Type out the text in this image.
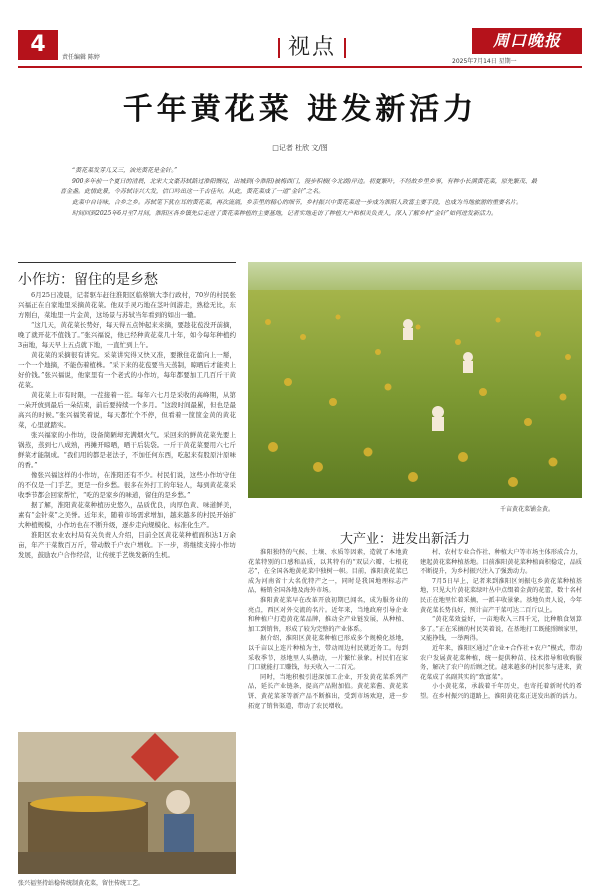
4
责任编辑 陈婷	视点	周口晚报
2025年7月14日 星期一
千年黄花菜 进发新活力
□记者 杜欣 文/图

“黄花菜发芽儿又三，油光黄花是金针。”

900多年前一个夏日的清晨，北宋大文豪苏轼路过淮阳慨叹，出城到(今淮阳)被梅西门，漫步积极(今北湖)岸边。初夏繁叶，不经故乡里乡事，有种小长满黄花菜，原先繁茂、最喜金盏。此情此景，令苏轼诗兴大发，信口吟出这一千古佳句。从此，黄花菜成了一道“金针”之名。

此菜中自诗味，合乡之乡。苏轼笔下犹在耳的黄花菜，再次流淌，乡亲里的精心的细节，乡村振兴中黄花菜进一步成为淮阳人致富主要手段，也成为当地旅游的重要名片。

时间回到2025年6月至7月间，淮阳区各乡镇先后走进了黄花菜种植的主要基地，记者实地走访了种植大户和相关负责人，深入了解乡村“金针”如何迸发新活力。

小作坊：留住的是乡愁

6月25日凌晨，记者驱车赶往淮阳区临蔡镇大李行政村，70岁的村民张兴福正在自家地里采摘黄花菜。他双手灵巧地在茎叶间游走，熟稔无比，东方刚白，菜地里一片金黄，这场景与苏轼当年看到的如出一辙。

“这几天，黄花菜长势好，每天得五点钟起来来摘，要趁花苞没开前摘，晚了就开花不值钱了。”张兴福说，他已经种黄花菜几十年，如今每年种植约3亩地，每天早上五点就下地，一直忙到上午。

黄花菜的采摘很有讲究。采菜讲究得又快又准，要揪住花蕾向上一掰，一个一个地摘，不能伤着植株。“采下来的花苞要当天蒸制，晾晒后才能卖上好价钱。”张兴福说，他家里有一个老式的小作坊，每年都要加工几百斤干黄花菜。

黄花菜上市有时限，一茬接着一茬。每年六七月是采收的高峰期，从第一朵开放到最后一朵结束，前后要持续一个多月。“这段时间最累，但也是最高兴的时候。”张兴福笑着说，每天都忙个不停，但看着一筐筐金黄的黄花菜，心里就踏实。

张兴福家的小作坊，设备简陋却充满烟火气。采回来的鲜黄花菜先要上锅蒸，蒸到七八成熟，再摊开晾晒，晒干后装袋。一斤干黄花菜要用六七斤鲜菜才能制成。“我们用的都是老法子，不加任何东西，吃起来有股原汁原味的香。”

像张兴福这样的小作坊，在淮阳还有不少。村民们说，这些小作坊守住的不仅是一门手艺，更是一份乡愁。很多在外打工的年轻人，每到黄花菜采收季节都会回家帮忙，“吃的是家乡的味道，留住的是乡愁。”

据了解，淮阳黄花菜种植历史悠久，品质优良，肉厚色黄、味道鲜美，素有“金针菜”之美誉。近年来，随着市场需求增加，越来越多的村民开始扩大种植规模，小作坊也在不断升级，逐步走向规模化、标准化生产。

淮阳区农业农村局有关负责人介绍，目前全区黄花菜种植面积达1万余亩，年产干菜数百万斤，带动数千户农户增收。下一步，将继续支持小作坊发展，鼓励农户合作经营，让传统手艺焕发新的生机。

千亩黄花菜铺金黄。
大产业：进发出新活力

淮阳独特的气候、土壤、水质等因素，造就了本地黄花菜特别的口感和品质，以其特有的“双层六瓣、七根花芯”，在全国各地黄花菜中独树一帜。目前，淮阳黄花菜已成为河南省十大名优特产之一，同时是我国地理标志产品，畅销全国各地及海外市场。

淮阳黄花菜早在改革开放初期已闻名，成为服务业的亮点，西区对外交流的名片。近年来，当地政府引导企业和种植户打造黄花菜品牌，推动全产业链发展，从种植、加工到销售，形成了较为完整的产业体系。

据介绍，淮阳区黄花菜种植已形成多个规模化基地，以千亩以上连片种植为主，带动周边村民就近务工。每到采收季节，基地里人头攒动，一片繁忙景象。村民们在家门口就能打工赚钱，每天收入一二百元。

同时，当地积极引进深加工企业，开发黄花菜系列产品，延长产业链条，提高产品附加值。黄花菜酱、黄花菜饼、黄花菜茶等新产品不断推出，受到市场欢迎，进一步拓宽了销售渠道，带动了农民增收。

村、农村专业合作社、种植大户等市场主体形成合力，建起黄花菜种植基地。目前淮阳黄花菜种植面积稳定，品质不断提升，为乡村振兴注入了强劲动力。

7月5日早上，记者来到淮阳区刘振屯乡黄花菜种植基地，只见大片黄花菜绿叶丛中点缀着金黄的花蕾，数十名村民正在地里忙着采摘，一派丰收景象。基地负责人说，今年黄花菜长势良好，预计亩产干菜可达二百斤以上。

“黄花菜效益好，一亩地收入三四千元，比种粮食划算多了。”正在采摘的村民笑着说，在基地打工既能照顾家里，又能挣钱，一举两得。

近年来，淮阳区通过“企业+合作社+农户”模式，带动农户发展黄花菜种植，统一提供种苗、技术指导和收购服务，解决了农户的后顾之忧。越来越多的村民参与进来，黄花菜成了名副其实的“致富菜”。

小小黄花菜，承载着千年历史，也寄托着新时代的希望。在乡村振兴的道路上，淮阳黄花菜正迸发出新的活力。

张兴福坚持站稳传统制黄花菜，留住传统工艺。
